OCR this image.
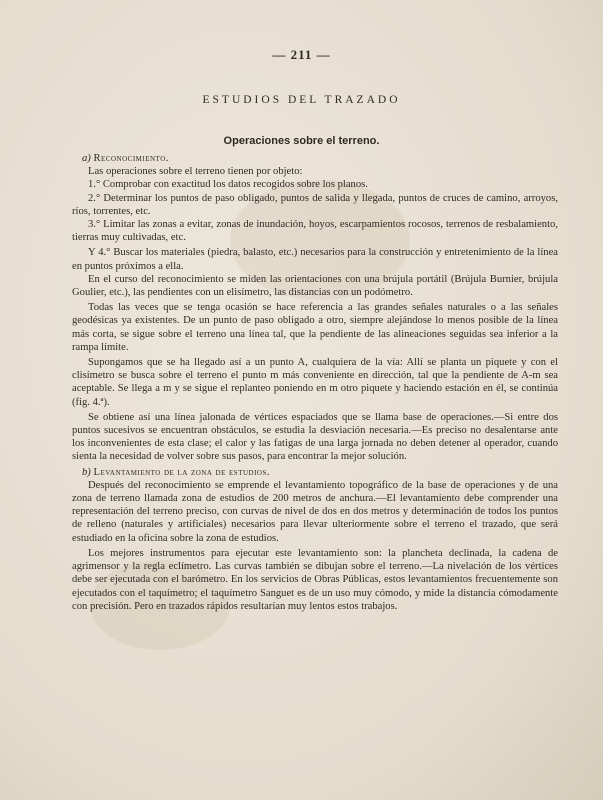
— 211 —
ESTUDIOS DEL TRAZADO
Operaciones sobre el terreno.

a) Reconocimiento.

Las operaciones sobre el terreno tienen por objeto:

1.° Comprobar con exactitud los datos recogidos sobre los planos.

2.° Determinar los puntos de paso obligado, puntos de salida y llegada, puntos de cruces de camino, arroyos, ríos, torrentes, etc.

3.° Limitar las zonas a evitar, zonas de inundación, hoyos, escarpamientos rocosos, terrenos de resbalamiento, tierras muy cultivadas, etc.

Y 4.° Buscar los materiales (piedra, balasto, etc.) necesarios para la construcción y entretenimiento de la línea en puntos próximos a ella.

En el curso del reconocimiento se miden las orientaciones con una brújula portátil (Brújula Burnier, brújula Goulier, etc.), las pendientes con un elisímetro, las distancias con un podómetro.

Todas las veces que se tenga ocasión se hace referencia a las grandes señales naturales o a las señales geodésicas ya existentes. De un punto de paso obligado a otro, siempre alejándose lo menos posible de la línea más corta, se sigue sobre el terreno una línea tal, que la pendiente de las alineaciones seguidas sea inferior a la rampa límite.

Supongamos que se ha llegado así a un punto A, cualquiera de la vía: Allí se planta un piquete y con el clisímetro se busca sobre el terreno el punto m más conveniente en dirección, tal que la pendiente de A-m sea aceptable. Se llega a m y se sigue el replanteo poniendo en m otro piquete y haciendo estación en él, se continúa (fig. 4.ª).

Se obtiene así una línea jalonada de vértices espaciados que se llama base de operaciones.—Si entre dos puntos sucesivos se encuentran obstáculos, se estudia la desviación necesaria.—Es preciso no desalentarse ante los inconvenientes de esta clase; el calor y las fatigas de una larga jornada no deben detener al operador, cuando sienta la necesidad de volver sobre sus pasos, para encontrar la mejor solución.

b) Levantamiento de la zona de estudios.

Después del reconocimiento se emprende el levantamiento topográfico de la base de operaciones y de una zona de terreno llamada zona de estudios de 200 metros de anchura.—El levantamiento debe comprender una representación del terreno preciso, con curvas de nivel de dos en dos metros y determinación de todos los puntos de relleno (naturales y artificiales) necesarios para llevar ulteriormente sobre el terreno el trazado, que será estudiado en la oficina sobre la zona de estudios.

Los mejores instrumentos para ejecutar este levantamiento son: la plancheta declinada, la cadena de agrimensor y la regla eclímetro. Las curvas también se dibujan sobre el terreno.—La nivelación de los vértices debe ser ejecutada con el barómetro. En los servicios de Obras Públicas, estos levantamientos frecuentemente son ejecutados con el taquímetro; el taquímetro Sanguet es de un uso muy cómodo, y mide la distancia cómodamente con precisión. Pero en trazados rápidos resultarían muy lentos estos trabajos.
